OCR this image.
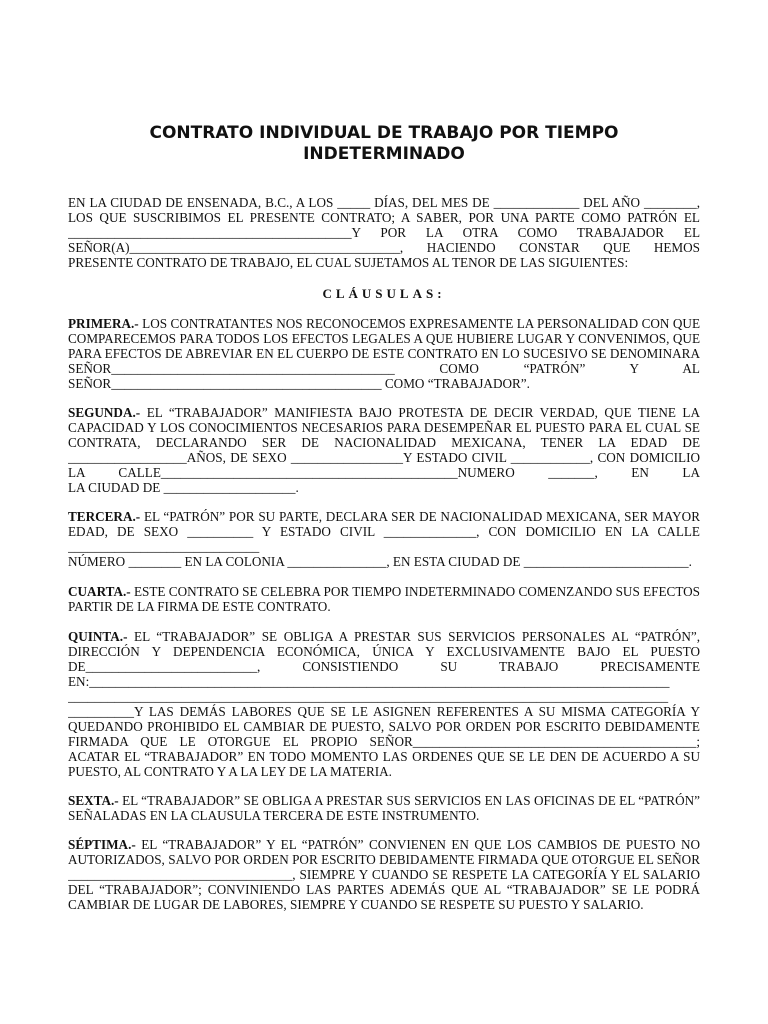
CONTRATO INDIVIDUAL DE TRABAJO POR TIEMPO
INDETERMINADO
EN LA CIUDAD DE ENSENADA, B.C., A LOS _____ DÍAS, DEL MES DE _____________ DEL AÑO ________,
LOS QUE SUSCRIBIMOS EL PRESENTE CONTRATO; A SABER, POR UNA PARTE COMO PATRÓN EL
___________________________________________Y POR LA OTRA COMO TRABAJADOR EL
SEÑOR(A)_________________________________________, HACIENDO CONSTAR QUE HEMOS
PRESENTE CONTRATO DE TRABAJO, EL CUAL SUJETAMOS AL TENOR DE LAS SIGUIENTES:
CLÁUSULAS:
PRIMERA.- LOS CONTRATANTES NOS RECONOCEMOS EXPRESAMENTE LA PERSONALIDAD CON QUE
COMPARECEMOS PARA TODOS LOS EFECTOS LEGALES A QUE HUBIERE LUGAR Y CONVENIMOS, QUE
PARA EFECTOS DE ABREVIAR EN EL CUERPO DE ESTE CONTRATO EN LO SUCESIVO SE DENOMINARA
SEÑOR___________________________________________ COMO “PATRÓN” Y AL
SEÑOR_________________________________________ COMO “TRABAJADOR”.
SEGUNDA.- EL “TRABAJADOR” MANIFIESTA BAJO PROTESTA DE DECIR VERDAD, QUE TIENE LA
CAPACIDAD Y LOS CONOCIMIENTOS NECESARIOS PARA DESEMPEÑAR EL PUESTO PARA EL CUAL SE
CONTRATA, DECLARANDO SER DE NACIONALIDAD MEXICANA, TENER LA EDAD DE
__________________AÑOS, DE SEXO _________________Y ESTADO CIVIL ____________, CON DOMICILIO
LA CALLE_____________________________________________NUMERO _______, EN LA
LA CIUDAD DE ____________________.
TERCERA.- EL “PATRÓN” POR SU PARTE, DECLARA SER DE NACIONALIDAD MEXICANA, SER MAYOR
EDAD, DE SEXO __________ Y ESTADO CIVIL ______________, CON DOMICILIO EN LA CALLE
_____________________________
NÚMERO ________ EN LA COLONIA _______________, EN ESTA CIUDAD DE _________________________.
CUARTA.- ESTE CONTRATO SE CELEBRA POR TIEMPO INDETERMINADO COMENZANDO SUS EFECTOS
PARTIR DE LA FIRMA DE ESTE CONTRATO.
QUINTA.- EL “TRABAJADOR” SE OBLIGA A PRESTAR SUS SERVICIOS PERSONALES AL “PATRÓN”,
DIRECCIÓN Y DEPENDENCIA ECONÓMICA, ÚNICA Y EXCLUSIVAMENTE BAJO EL PUESTO
DE__________________________, CONSISTIENDO SU TRABAJO PRECISAMENTE
EN:________________________________________________________________________________________
___________________________________________________________________________________________
__________Y LAS DEMÁS LABORES QUE SE LE ASIGNEN REFERENTES A SU MISMA CATEGORÍA Y
QUEDANDO PROHIBIDO EL CAMBIAR DE PUESTO, SALVO POR ORDEN POR ESCRITO DEBIDAMENTE
FIRMADA QUE LE OTORGUE EL PROPIO SEÑOR___________________________________________;
ACATAR EL “TRABAJADOR” EN TODO MOMENTO LAS ORDENES QUE SE LE DEN DE ACUERDO A SU
PUESTO, AL CONTRATO Y A LA LEY DE LA MATERIA.
SEXTA.- EL “TRABAJADOR” SE OBLIGA A PRESTAR SUS SERVICIOS EN LAS OFICINAS DE EL “PATRÓN”
SEÑALADAS EN LA CLAUSULA TERCERA DE ESTE INSTRUMENTO.
SÉPTIMA.- EL “TRABAJADOR” Y EL “PATRÓN” CONVIENEN EN QUE LOS CAMBIOS DE PUESTO NO
AUTORIZADOS, SALVO POR ORDEN POR ESCRITO DEBIDAMENTE FIRMADA QUE OTORGUE EL SEÑOR
__________________________________, SIEMPRE Y CUANDO SE RESPETE LA CATEGORÍA Y EL SALARIO
DEL “TRABAJADOR”; CONVINIENDO LAS PARTES ADEMÁS QUE AL “TRABAJADOR” SE LE PODRÁ
CAMBIAR DE LUGAR DE LABORES, SIEMPRE Y CUANDO SE RESPETE SU PUESTO Y SALARIO.
